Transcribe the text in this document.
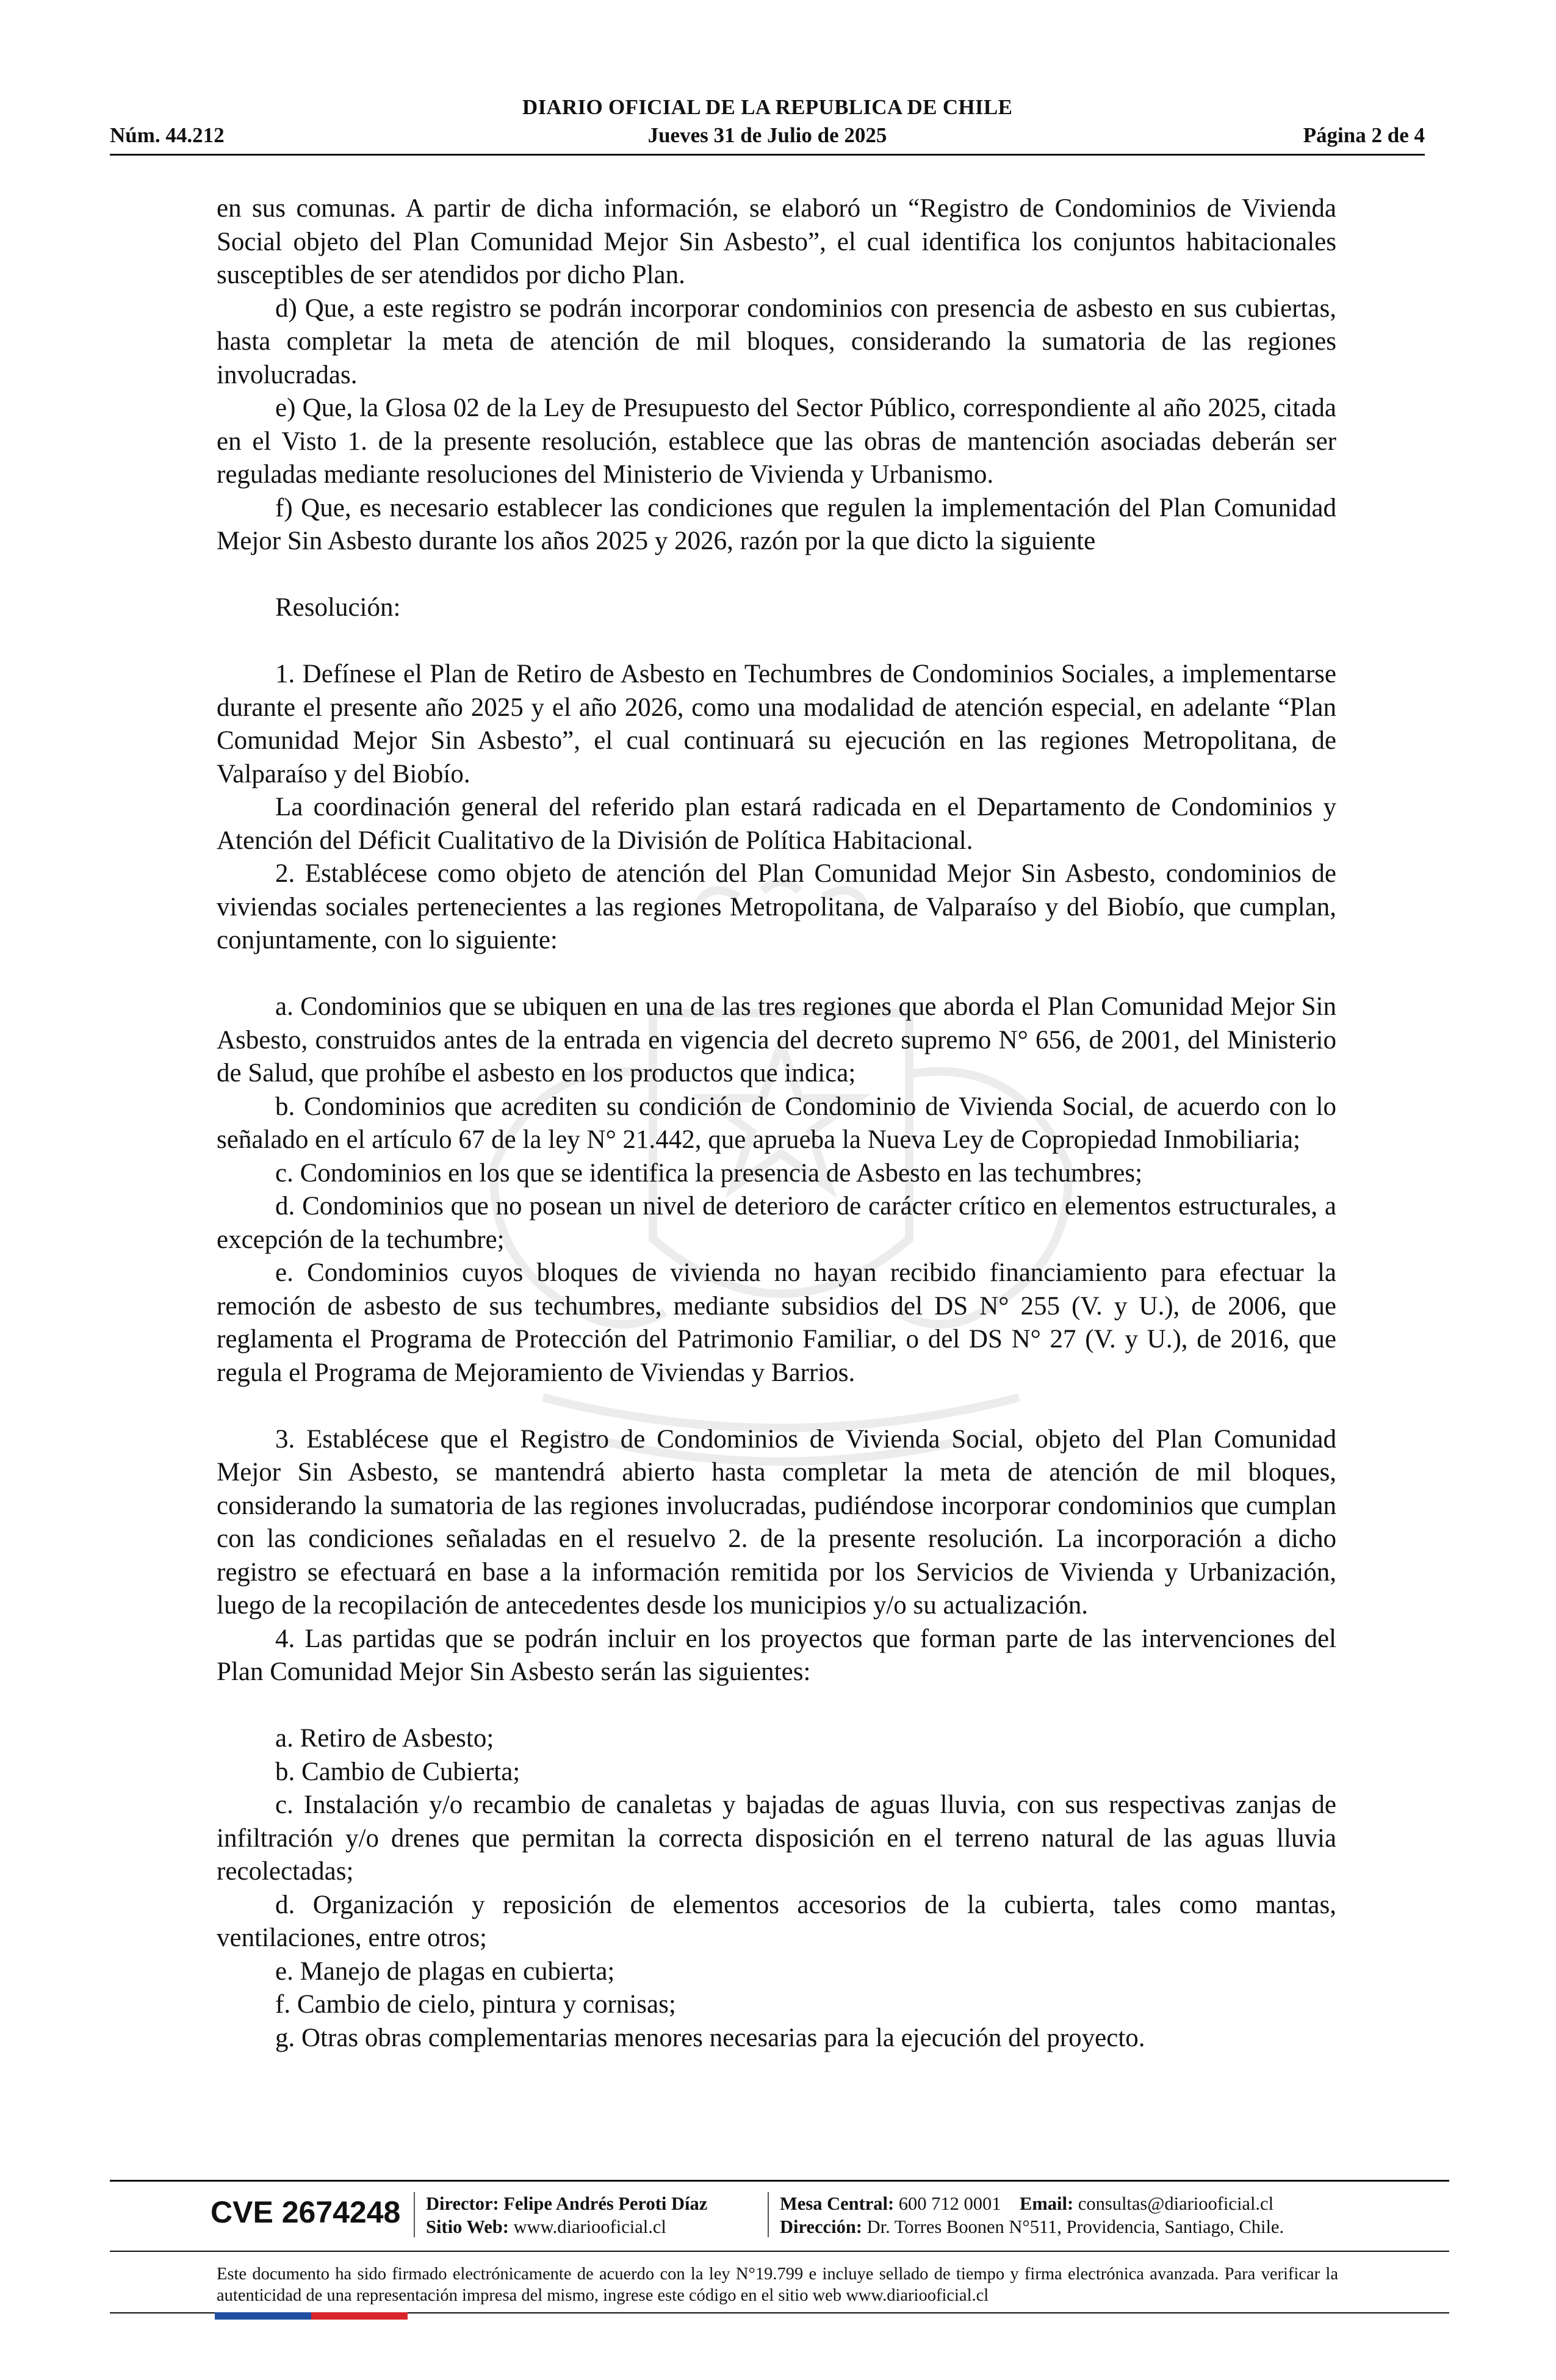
DIARIO OFICIAL DE LA REPUBLICA DE CHILE
Núm. 44.212	Jueves 31 de Julio de 2025	Página 2 de 4

en sus comunas. A partir de dicha información, se elaboró un “Registro de Condominios de Vivienda Social objeto del Plan Comunidad Mejor Sin Asbesto”, el cual identifica los conjuntos habitacionales susceptibles de ser atendidos por dicho Plan.

d) Que, a este registro se podrán incorporar condominios con presencia de asbesto en sus cubiertas, hasta completar la meta de atención de mil bloques, considerando la sumatoria de las regiones involucradas.

e) Que, la Glosa 02 de la Ley de Presupuesto del Sector Público, correspondiente al año 2025, citada en el Visto 1. de la presente resolución, establece que las obras de mantención asociadas deberán ser reguladas mediante resoluciones del Ministerio de Vivienda y Urbanismo.

f) Que, es necesario establecer las condiciones que regulen la implementación del Plan Comunidad Mejor Sin Asbesto durante los años 2025 y 2026, razón por la que dicto la siguiente

Resolución:

1. Defínese el Plan de Retiro de Asbesto en Techumbres de Condominios Sociales, a implementarse durante el presente año 2025 y el año 2026, como una modalidad de atención especial, en adelante “Plan Comunidad Mejor Sin Asbesto”, el cual continuará su ejecución en las regiones Metropolitana, de Valparaíso y del Biobío.

La coordinación general del referido plan estará radicada en el Departamento de Condominios y Atención del Déficit Cualitativo de la División de Política Habitacional.

2. Establécese como objeto de atención del Plan Comunidad Mejor Sin Asbesto, condominios de viviendas sociales pertenecientes a las regiones Metropolitana, de Valparaíso y del Biobío, que cumplan, conjuntamente, con lo siguiente:

a. Condominios que se ubiquen en una de las tres regiones que aborda el Plan Comunidad Mejor Sin Asbesto, construidos antes de la entrada en vigencia del decreto supremo N° 656, de 2001, del Ministerio de Salud, que prohíbe el asbesto en los productos que indica;

b. Condominios que acrediten su condición de Condominio de Vivienda Social, de acuerdo con lo señalado en el artículo 67 de la ley N° 21.442, que aprueba la Nueva Ley de Copropiedad Inmobiliaria;

c. Condominios en los que se identifica la presencia de Asbesto en las techumbres;

d. Condominios que no posean un nivel de deterioro de carácter crítico en elementos estructurales, a excepción de la techumbre;

e. Condominios cuyos bloques de vivienda no hayan recibido financiamiento para efectuar la remoción de asbesto de sus techumbres, mediante subsidios del DS N° 255 (V. y U.), de 2006, que reglamenta el Programa de Protección del Patrimonio Familiar, o del DS N° 27 (V. y U.), de 2016, que regula el Programa de Mejoramiento de Viviendas y Barrios.

3. Establécese que el Registro de Condominios de Vivienda Social, objeto del Plan Comunidad Mejor Sin Asbesto, se mantendrá abierto hasta completar la meta de atención de mil bloques, considerando la sumatoria de las regiones involucradas, pudiéndose incorporar condominios que cumplan con las condiciones señaladas en el resuelvo 2. de la presente resolución. La incorporación a dicho registro se efectuará en base a la información remitida por los Servicios de Vivienda y Urbanización, luego de la recopilación de antecedentes desde los municipios y/o su actualización.

4. Las partidas que se podrán incluir en los proyectos que forman parte de las intervenciones del Plan Comunidad Mejor Sin Asbesto serán las siguientes:

a. Retiro de Asbesto;

b. Cambio de Cubierta;

c. Instalación y/o recambio de canaletas y bajadas de aguas lluvia, con sus respectivas zanjas de infiltración y/o drenes que permitan la correcta disposición en el terreno natural de las aguas lluvia recolectadas;

d. Organización y reposición de elementos accesorios de la cubierta, tales como mantas, ventilaciones, entre otros;

e. Manejo de plagas en cubierta;

f. Cambio de cielo, pintura y cornisas;

g. Otras obras complementarias menores necesarias para la ejecución del proyecto.

CVE 2674248 Director: Felipe Andrés Peroti Díaz
Sitio Web: www.diariooficial.cl
Mesa Central: 600 712 0001 Email: consultas@diariooficial.cl
Dirección: Dr. Torres Boonen N°511, Providencia, Santiago, Chile.
Este documento ha sido firmado electrónicamente de acuerdo con la ley N°19.799 e incluye sellado de tiempo y firma electrónica avanzada. Para verificar la autenticidad de una representación impresa del mismo, ingrese este código en el sitio web www.diariooficial.cl
